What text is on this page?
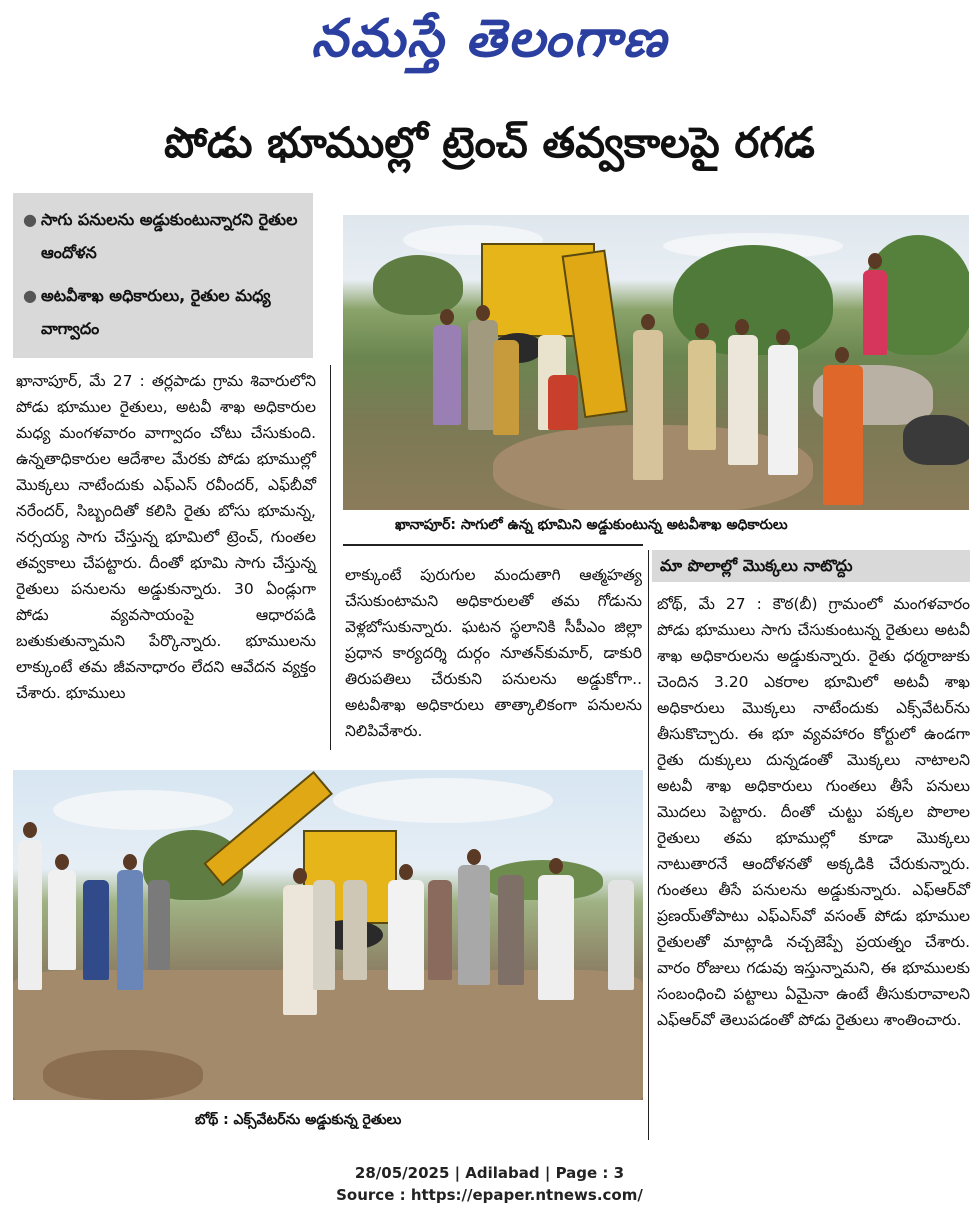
నమస్తే తెలంగాణ
పోడు భూముల్లో ట్రెంచ్ తవ్వకాలపై రగడ
● సాగు పనులను అడ్డుకుంటున్నారని రైతుల ఆందోళన
● అటవీశాఖ అధికారులు, రైతుల మధ్య వాగ్వాదం
ఖానాపూర్: సాగులో ఉన్న భూమిని అడ్డుకుంటున్న అటవీశాఖ అధికారులు

ఖానాపూర్, మే 27 : తర్లపాడు గ్రామ శివారులోని పోడు భూముల రైతులు, అటవీ శాఖ అధికారుల మధ్య మంగళవారం వాగ్వాదం చోటు చేసుకుంది. ఉన్నతాధికారుల ఆదేశాల మేరకు పోడు భూముల్లో మొక్కలు నాటేందుకు ఎఫ్ఎస్ రవీందర్, ఎఫ్‌బీవో నరేందర్, సిబ్బందితో కలిసి రైతు బోసు భూమన్న, నర్సయ్య సాగు చేస్తున్న భూమిలో ట్రెంచ్, గుంతల తవ్వకాలు చేపట్టారు. దీంతో భూమి సాగు చేస్తున్న రైతులు పనులను అడ్డుకున్నారు. 30 ఏండ్లుగా పోడు వ్యవసాయంపై ఆధారపడి బతుకుతున్నామని పేర్కొన్నారు. భూములను లాక్కుంటే తమ జీవనాధారం లేదని ఆవేదన వ్యక్తం చేశారు. భూములు

లాక్కుంటే పురుగుల మందుతాగి ఆత్మహత్య చేసుకుంటామని అధికారులతో తమ గోడును వెళ్లబోసుకున్నారు. ఘటన స్థలానికి సీపీఎం జిల్లా ప్రధాన కార్యదర్శి దుర్గం నూతన్‌కుమార్, డాకురి తిరుపతిలు చేరుకుని పనులను అడ్డుకోగా.. అటవీశాఖ అధికారులు తాత్కాలికంగా పనులను నిలిపివేశారు.

మా పొలాల్లో మొక్కలు నాటొద్దు

బోథ్, మే 27 : కౌఠ(బీ) గ్రామంలో మంగళవారం పోడు భూములు సాగు చేసుకుంటున్న రైతులు అటవీ శాఖ అధికారులను అడ్డుకున్నారు. రైతు ధర్మరాజుకు చెందిన 3.20 ఎకరాల భూమిలో అటవీ శాఖ అధికారులు మొక్కలు నాటేందుకు ఎక్స్‌వేటర్‌ను తీసుకొచ్చారు. ఈ భూ వ్యవహారం కోర్టులో ఉండగా రైతు దుక్కులు దున్నడంతో మొక్కలు నాటాలని అటవీ శాఖ అధికారులు గుంతలు తీసే పనులు మొదలు పెట్టారు. దీంతో చుట్టు పక్కల పొలాల రైతులు తమ భూముల్లో కూడా మొక్కలు నాటుతారనే ఆందోళనతో అక్కడికి చేరుకున్నారు. గుంతలు తీసే పనులను అడ్డుకున్నారు. ఎఫ్ఆర్‌వో ప్రణయ్‌తోపాటు ఎఫ్ఎస్‌వో వసంత్ పోడు భూముల రైతులతో మాట్లాడి నచ్చజెప్పే ప్రయత్నం చేశారు. వారం రోజులు గడువు ఇస్తున్నామని, ఈ భూములకు సంబంధించి పట్టాలు ఏమైనా ఉంటే తీసుకురావాలని ఎఫ్ఆర్‌వో తెలుపడంతో పోడు రైతులు శాంతించారు.

బోథ్ : ఎక్స్‌వేటర్‌ను అడ్డుకున్న రైతులు
28/05/2025 | Adilabad | Page : 3
Source : https://epaper.ntnews.com/
